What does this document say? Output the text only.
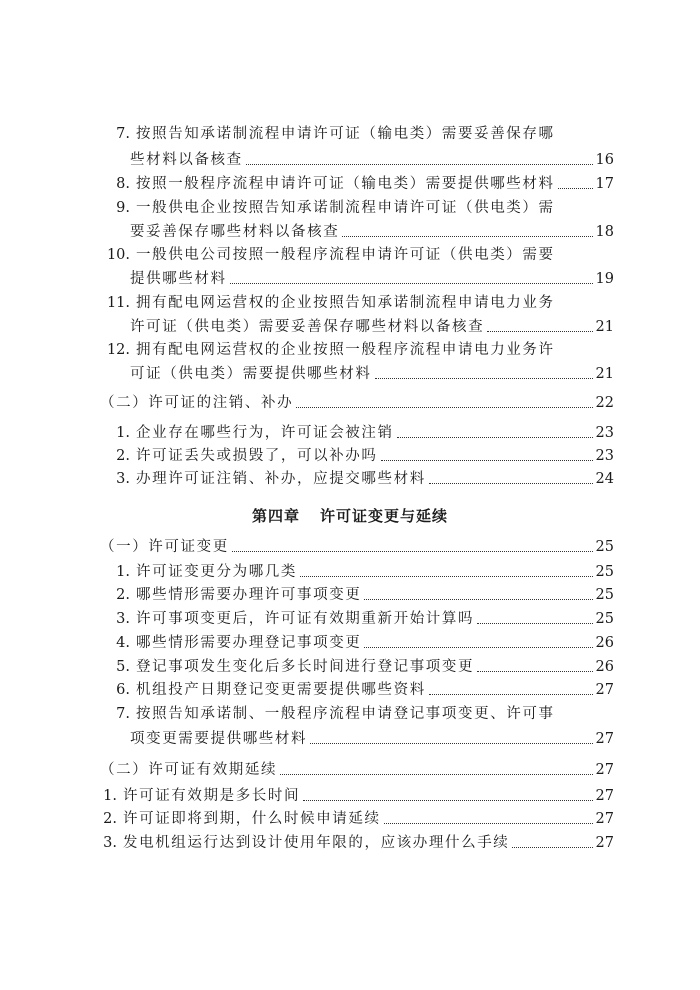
7. 按照告知承诺制流程申请许可证（输电类）需要妥善保存哪
些材料以备核查	16
8. 按照一般程序流程申请许可证（输电类）需要提供哪些材料	17
9. 一般供电企业按照告知承诺制流程申请许可证（供电类）需
要妥善保存哪些材料以备核查	18
10. 一般供电公司按照一般程序流程申请许可证（供电类）需要
提供哪些材料	19
11. 拥有配电网运营权的企业按照告知承诺制流程申请电力业务
许可证（供电类）需要妥善保存哪些材料以备核查	21
12. 拥有配电网运营权的企业按照一般程序流程申请电力业务许
可证（供电类）需要提供哪些材料	21
（二）许可证的注销、补办	22
1. 企业存在哪些行为，许可证会被注销	23
2. 许可证丢失或损毁了，可以补办吗	23
3. 办理许可证注销、补办，应提交哪些材料	24
（一）许可证变更	25
1. 许可证变更分为哪几类	25
2. 哪些情形需要办理许可事项变更	25
3. 许可事项变更后，许可证有效期重新开始计算吗	25
4. 哪些情形需要办理登记事项变更	26
5. 登记事项发生变化后多长时间进行登记事项变更	26
6. 机组投产日期登记变更需要提供哪些资料	27
7. 按照告知承诺制、一般程序流程申请登记事项变更、许可事
项变更需要提供哪些材料	27
（二）许可证有效期延续	27
1. 许可证有效期是多长时间	27
2. 许可证即将到期，什么时候申请延续	27
3. 发电机组运行达到设计使用年限的，应该办理什么手续	27
第四章 许可证变更与延续
